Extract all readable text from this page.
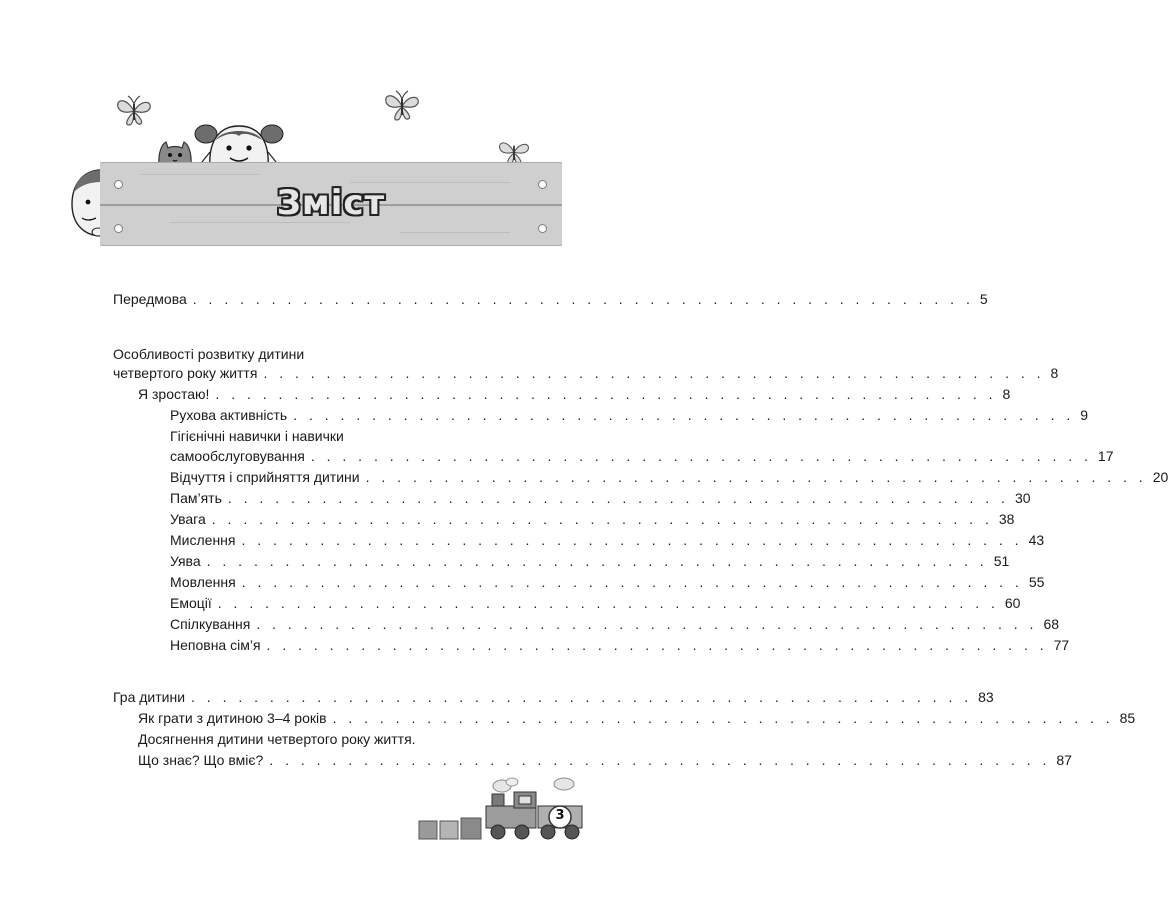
Зміст
Передмова . . . . . . . . . . . . . . . . . . . . . . . . . . . . . . . . . . . . . . . . . . . . . . . . . . 5
Особливості розвитку дитини
четвертого року життя . . . . . . . . . . . . . . . . . . . . . . . . . . . . . . . . . . . . . . . . . . . . . . . . . . 8
Я зростаю! . . . . . . . . . . . . . . . . . . . . . . . . . . . . . . . . . . . . . . . . . . . . . . . . . . 8
Рухова активність . . . . . . . . . . . . . . . . . . . . . . . . . . . . . . . . . . . . . . . . . . . . . . . . . . 9
Гігієнічні навички і навички
самообслуговування . . . . . . . . . . . . . . . . . . . . . . . . . . . . . . . . . . . . . . . . . . . . . . . . . . 17
Відчуття і сприйняття дитини . . . . . . . . . . . . . . . . . . . . . . . . . . . . . . . . . . . . . . . . . . . . . . . . . . 20
Пам’ять . . . . . . . . . . . . . . . . . . . . . . . . . . . . . . . . . . . . . . . . . . . . . . . . . . 30
Увага . . . . . . . . . . . . . . . . . . . . . . . . . . . . . . . . . . . . . . . . . . . . . . . . . . 38
Мислення . . . . . . . . . . . . . . . . . . . . . . . . . . . . . . . . . . . . . . . . . . . . . . . . . . 43
Уява . . . . . . . . . . . . . . . . . . . . . . . . . . . . . . . . . . . . . . . . . . . . . . . . . . 51
Мовлення . . . . . . . . . . . . . . . . . . . . . . . . . . . . . . . . . . . . . . . . . . . . . . . . . . 55
Емоції . . . . . . . . . . . . . . . . . . . . . . . . . . . . . . . . . . . . . . . . . . . . . . . . . . 60
Спілкування . . . . . . . . . . . . . . . . . . . . . . . . . . . . . . . . . . . . . . . . . . . . . . . . . . 68
Неповна сім’я . . . . . . . . . . . . . . . . . . . . . . . . . . . . . . . . . . . . . . . . . . . . . . . . . . 77
Гра дитини . . . . . . . . . . . . . . . . . . . . . . . . . . . . . . . . . . . . . . . . . . . . . . . . . . 83
Як грати з дитиною 3–4 років . . . . . . . . . . . . . . . . . . . . . . . . . . . . . . . . . . . . . . . . . . . . . . . . . . 85
Досягнення дитини четвертого року життя.
Що знає? Що вміє? . . . . . . . . . . . . . . . . . . . . . . . . . . . . . . . . . . . . . . . . . . . . . . . . . . 87
3
